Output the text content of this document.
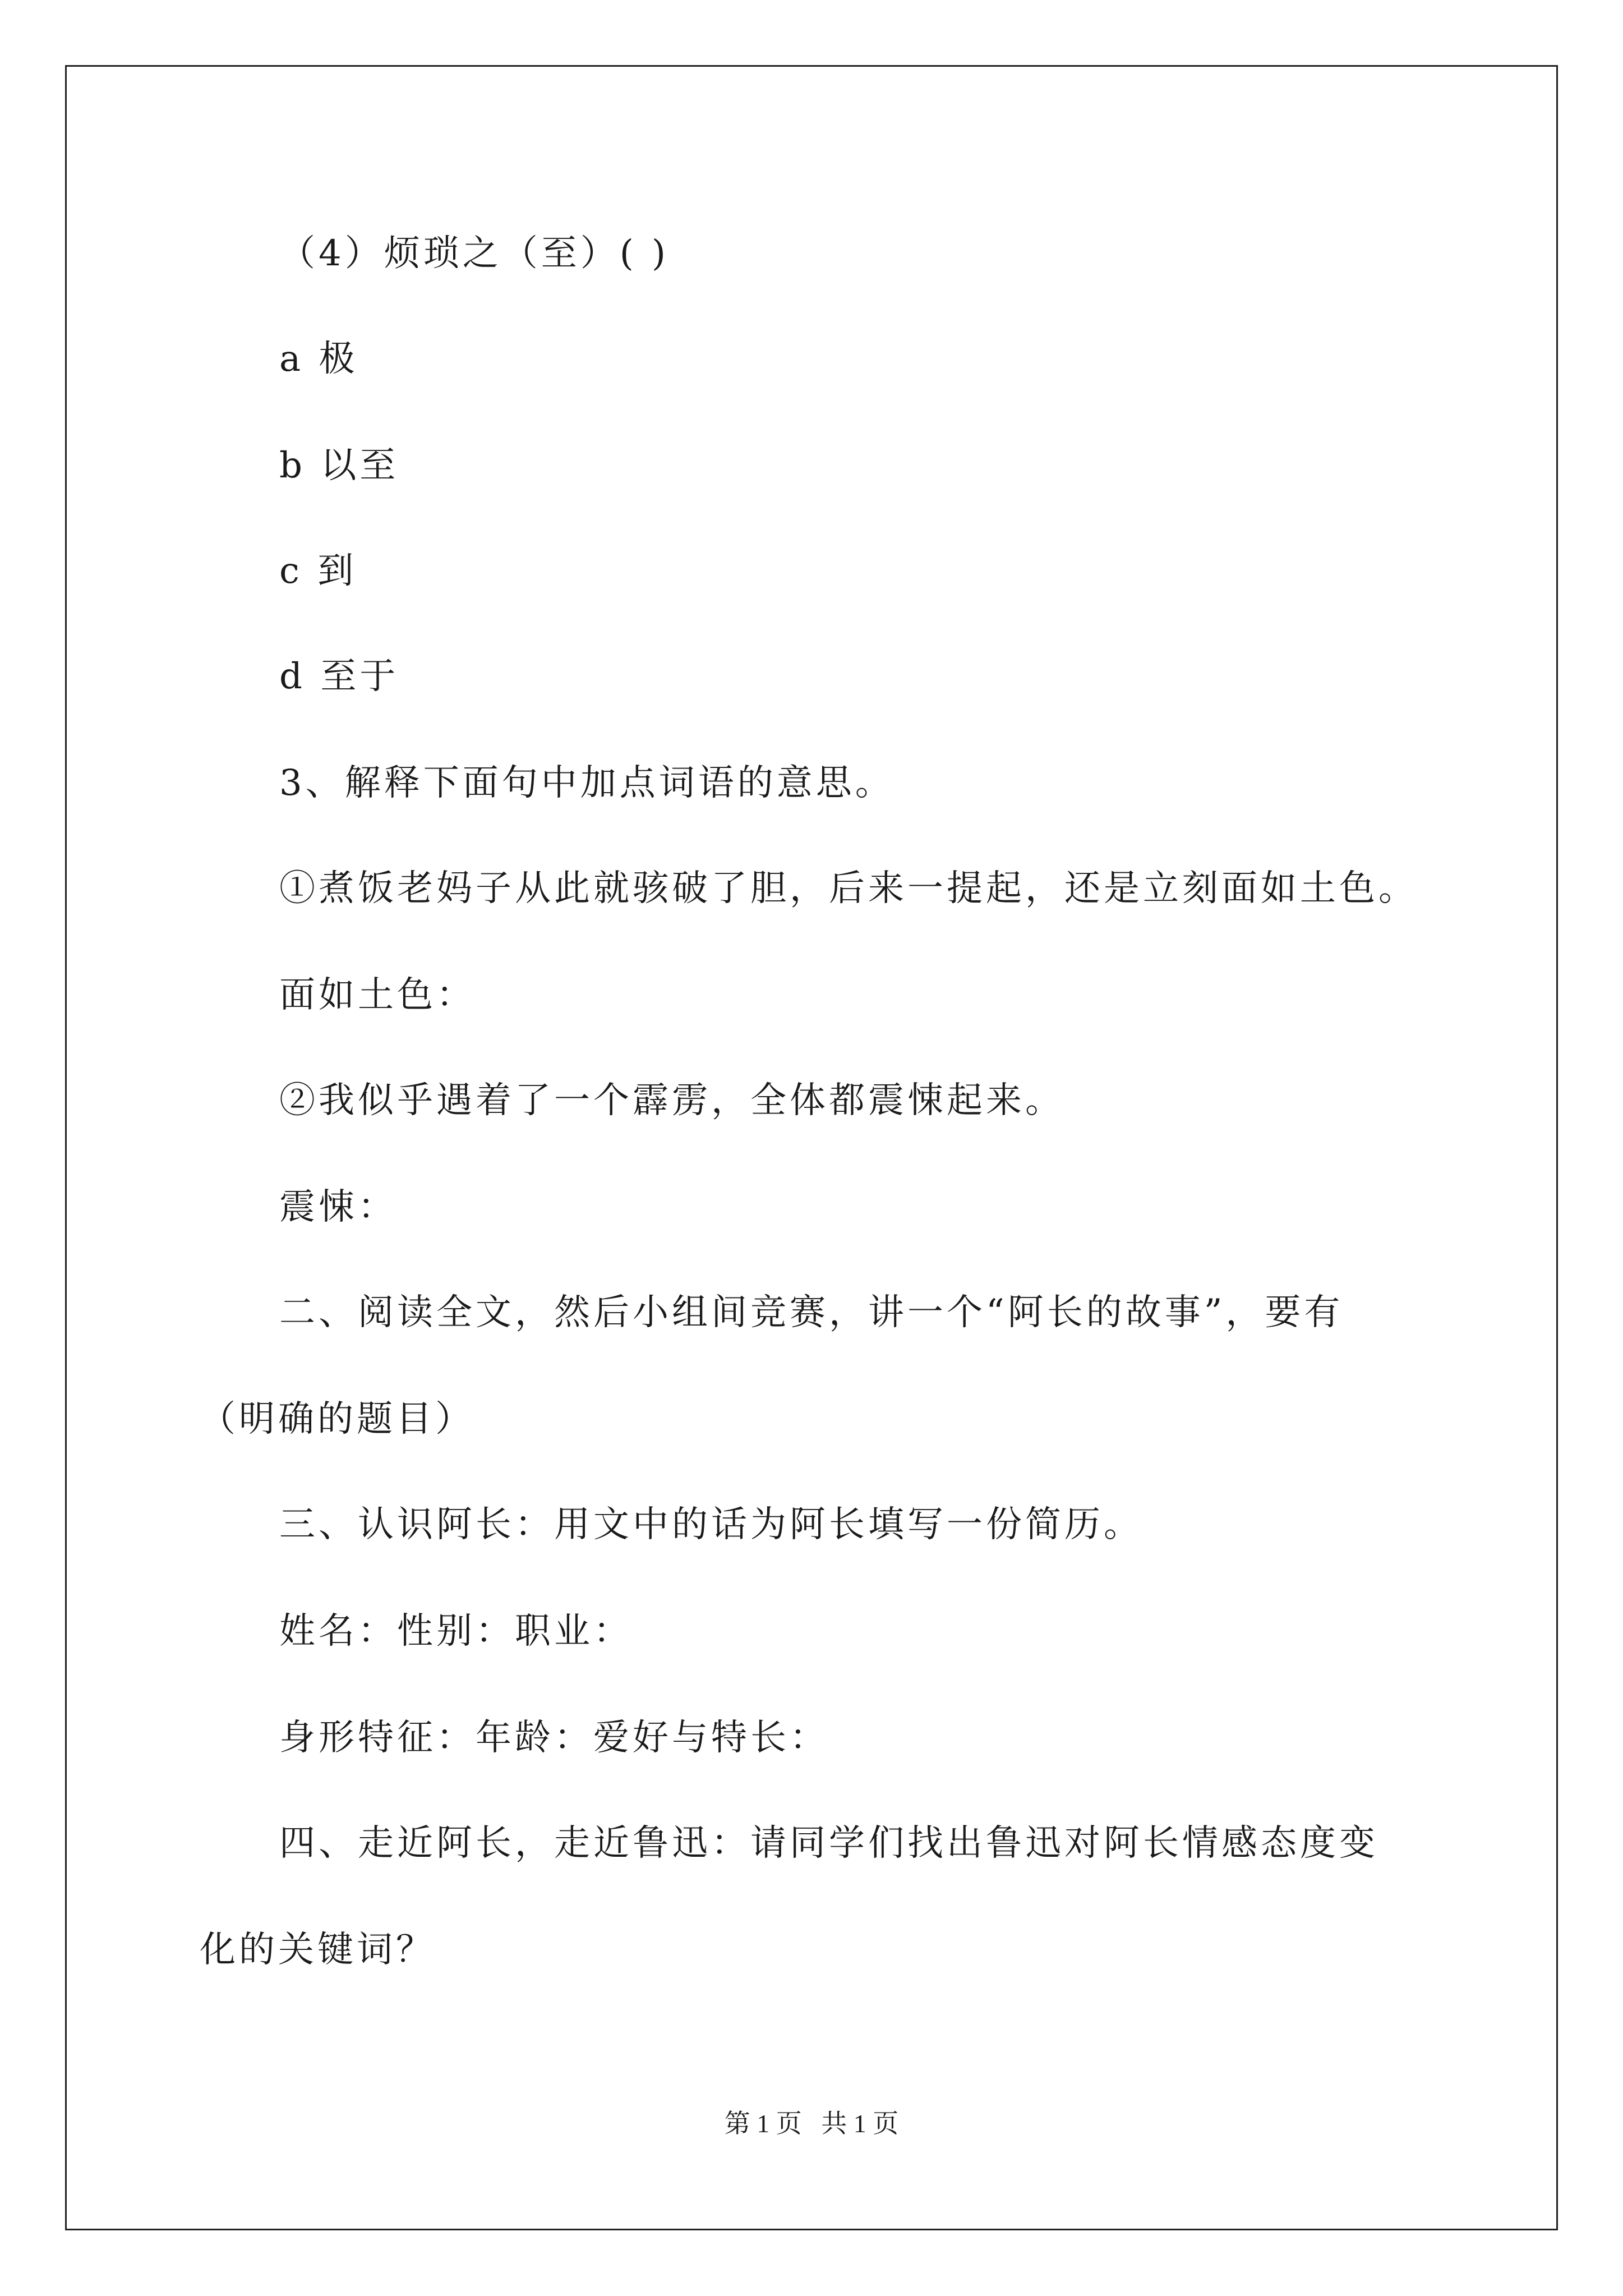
（4）烦琐之（至）( )
a 极
b 以至
c 到
d 至于
3、解释下面句中加点词语的意思。
①煮饭老妈子从此就骇破了胆，后来一提起，还是立刻面如土色。
面如土色：
②我似乎遇着了一个霹雳，全体都震悚起来。
震悚：
二、阅读全文，然后小组间竞赛，讲一个“阿长的故事”，要有
（明确的题目）
三、认识阿长：用文中的话为阿长填写一份简历。
姓名：性别：职业：
身形特征：年龄：爱好与特长：
四、走近阿长，走近鲁迅：请同学们找出鲁迅对阿长情感态度变
化的关键词？
第 1 页   共 1 页
